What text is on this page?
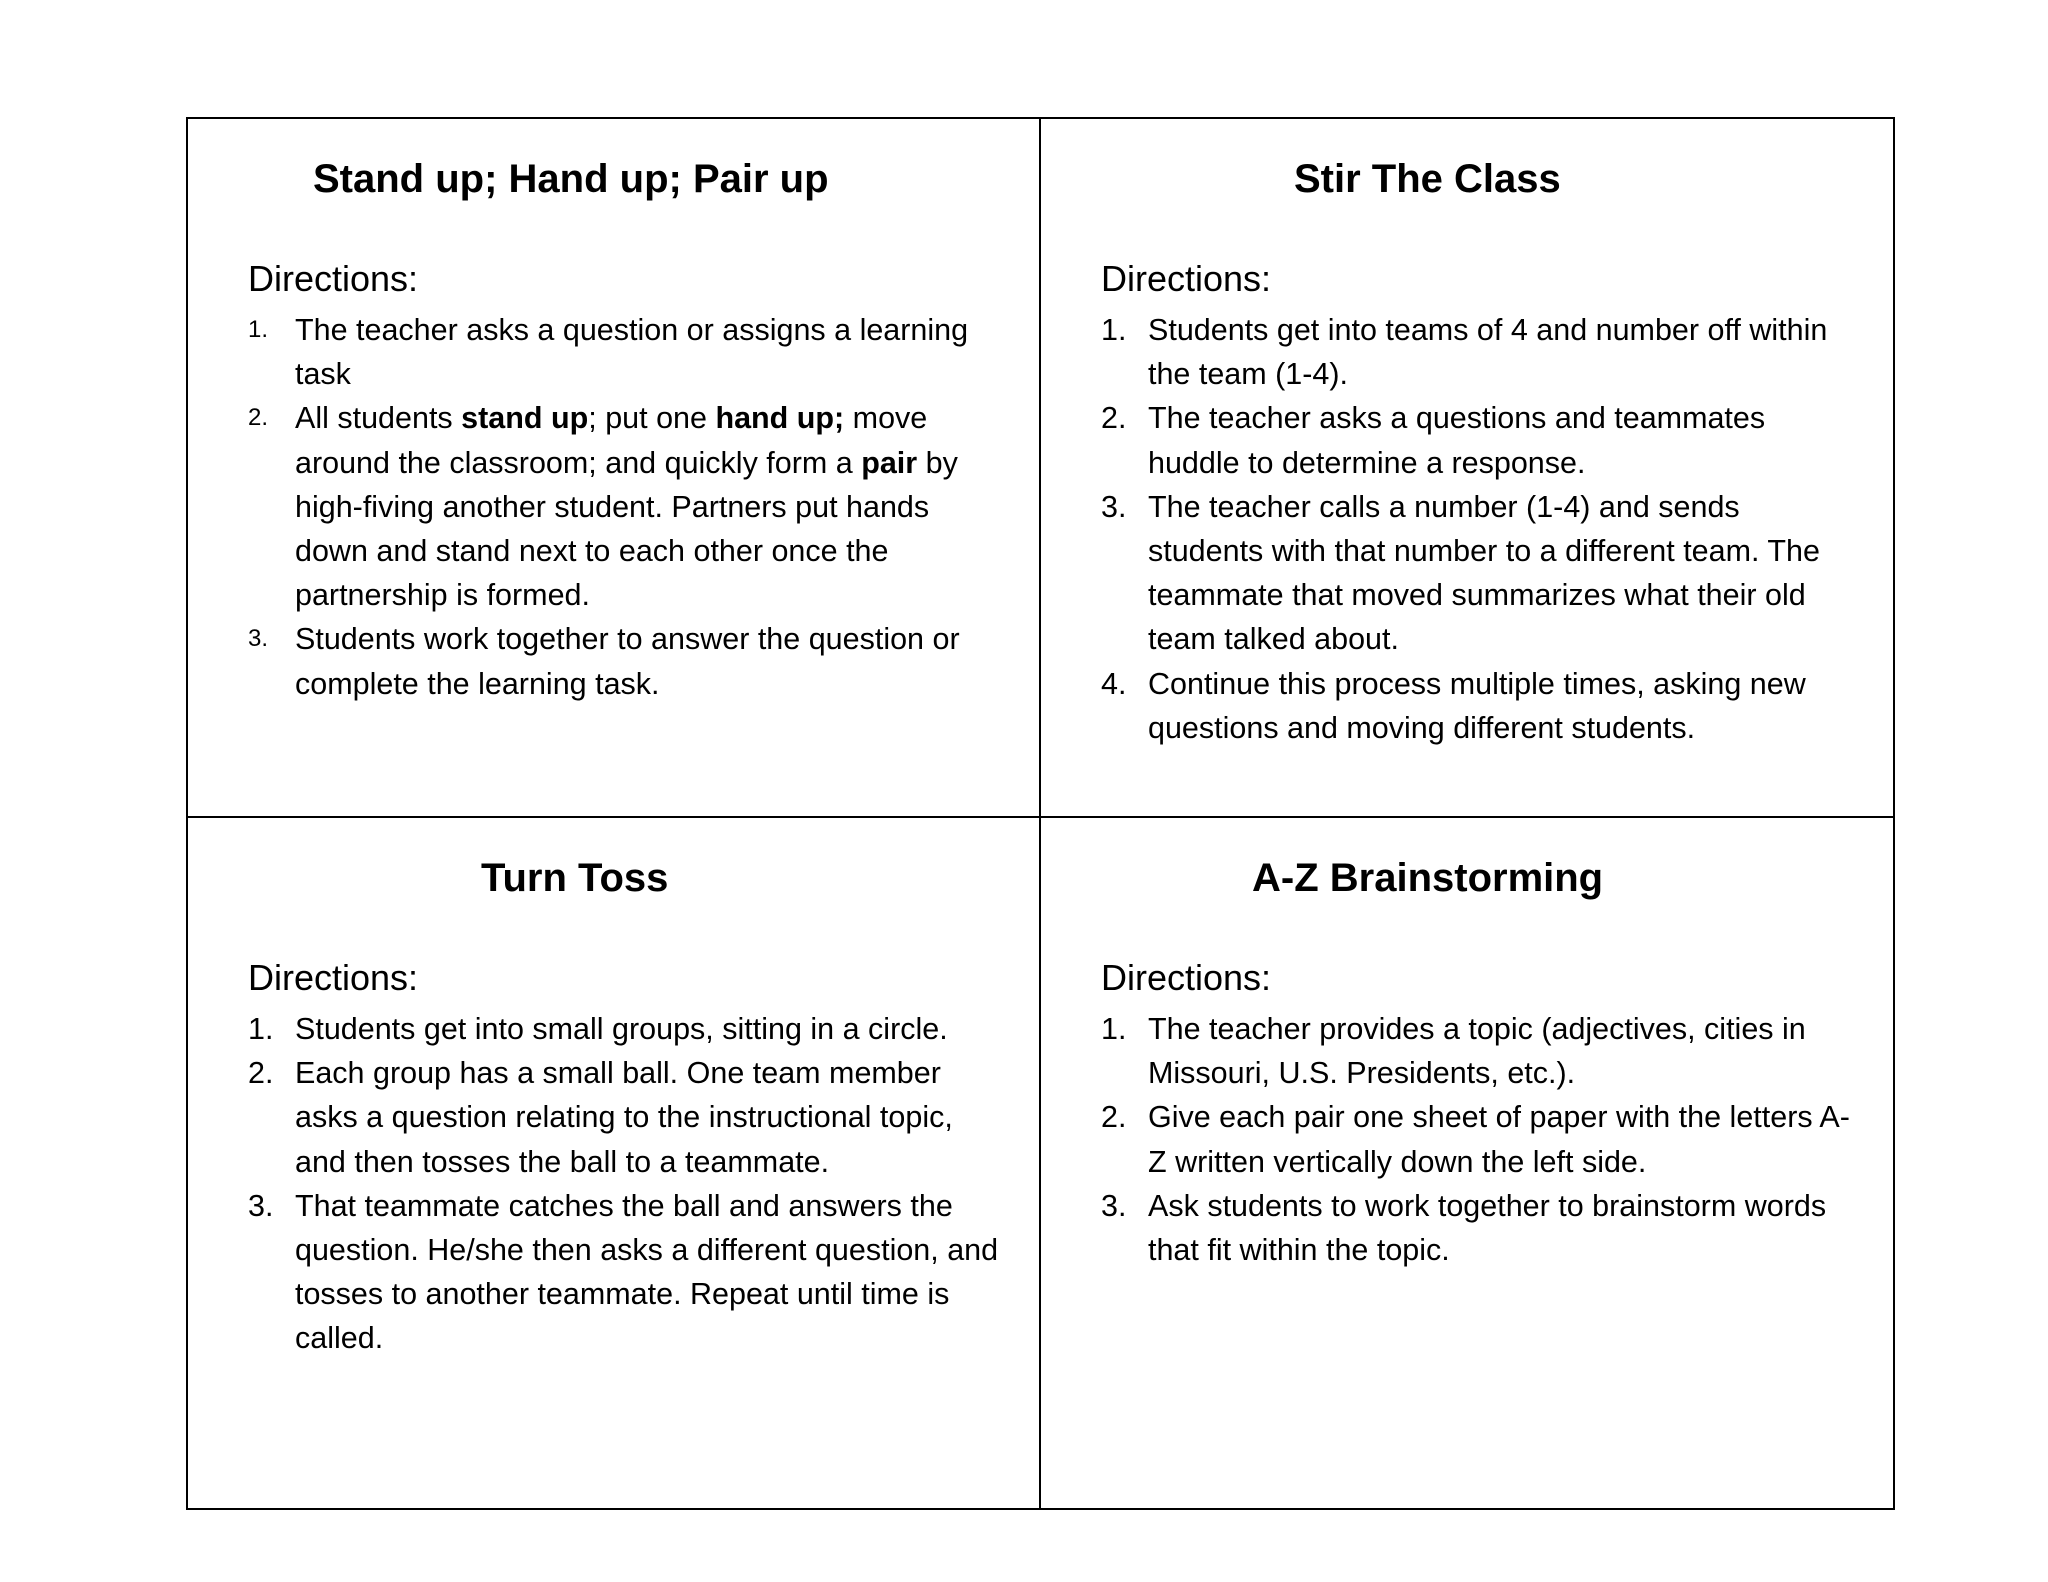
Stand up; Hand up; Pair up
Directions:
1. The teacher asks a question or assigns a learning task
2. All students stand up; put one hand up; move around the classroom; and quickly form a pair by high-fiving another student. Partners put hands down and stand next to each other once the partnership is formed.
3. Students work together to answer the question or complete the learning task.
Stir The Class
Directions:
1. Students get into teams of 4 and number off within the team (1-4).
2. The teacher asks a questions and teammates huddle to determine a response.
3. The teacher calls a number (1-4) and sends students with that number to a different team. The teammate that moved summarizes what their old team talked about.
4. Continue this process multiple times, asking new questions and moving different students.
Turn Toss
Directions:
1. Students get into small groups, sitting in a circle.
2. Each group has a small ball. One team member asks a question relating to the instructional topic, and then tosses the ball to a teammate.
3. That teammate catches the ball and answers the question. He/she then asks a different question, and tosses to another teammate. Repeat until time is called.
A-Z Brainstorming
Directions:
1. The teacher provides a topic (adjectives, cities in Missouri, U.S. Presidents, etc.).
2. Give each pair one sheet of paper with the letters A-Z written vertically down the left side.
3. Ask students to work together to brainstorm words that fit within the topic.
